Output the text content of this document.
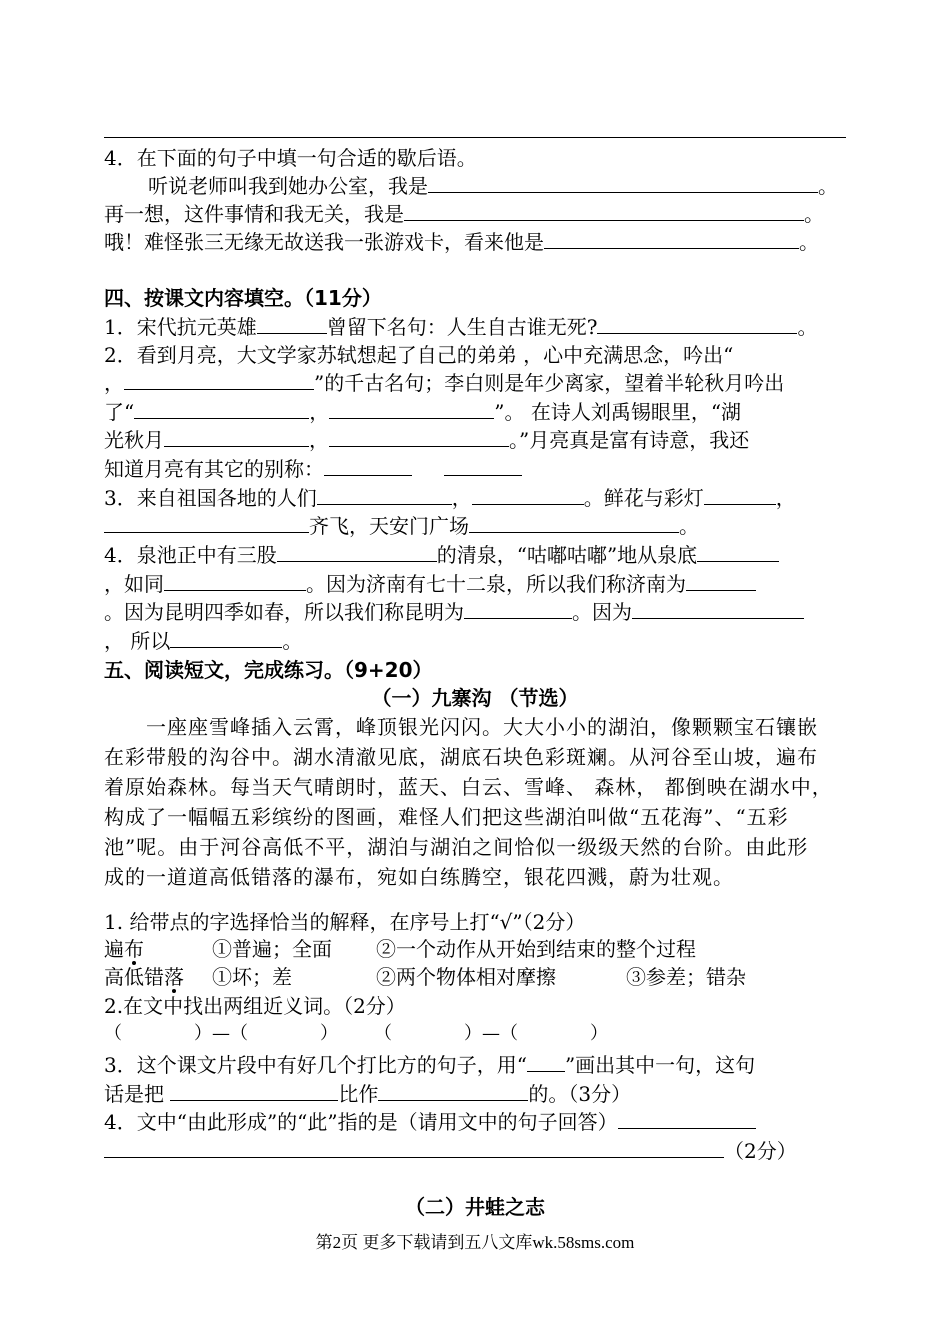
4．在下面的句子中填一句合适的歇后语。
听说老师叫我到她办公室，我是	。
再一想，这件事情和我无关，我是	。
哦！难怪张三无缘无故送我一张游戏卡，看来他是	。
四、按课文内容填空。（11分）
1．宋代抗元英雄	曾留下名句：人生自古谁无死?	。
2．看到月亮，大文学家苏轼想起了自己的弟弟 ，心中充满思念，吟出“
，	”的千古名句；李白则是年少离家，望着半轮秋月吟出
了“	，	”。 在诗人刘禹锡眼里，“湖
光秋月	，	。”月亮真是富有诗意，我还
知道月亮有其它的别称：
3．来自祖国各地的人们	，	。鲜花与彩灯	，
齐飞，天安门广场	。
4．泉池正中有三股	的清泉，“咕嘟咕嘟”地从泉底
，如同	。因为济南有七十二泉，所以我们称济南为
。因为昆明四季如春，所以我们称昆明为	。因为
， 所以	。
五、阅读短文，完成练习。（9+20）
（一）九寨沟 （节选）
　　一座座雪峰插入云霄，峰顶银光闪闪。大大小小的湖泊，像颗颗宝石镶嵌
在彩带般的沟谷中。湖水清澈见底，湖底石块色彩斑斓。从河谷至山坡，遍布
着原始森林。每当天气晴朗时，蓝天、白云、雪峰、 森林， 都倒映在湖水中，
构成了一幅幅五彩缤纷的图画，难怪人们把这些湖泊叫做“五花海”、“五彩
池”呢。由于河谷高低不平，湖泊与湖泊之间恰似一级级天然的台阶。由此形
成的一道道高低错落的瀑布，宛如白练腾空，银花四溅，蔚为壮观。
1. 给带点的字选择恰当的解释，在序号上打“√”（2分）
遍布	①普遍；全面 ②一个动作从开始到结束的整个过程
高低错落 ①坏；差	②两个物体相对摩擦	③参差；错杂
2.在文中找出两组近义词。（2分）
（　　　　）—（　　　　）　　　（　　　　）—（　　　　）
3．这个课文片段中有好几个打比方的句子，用“ ”画出其中一句，这句
话是把	比作	的。（3分）
4．文中“由此形成”的“此”指的是（请用文中的句子回答）
（2分）
（二）井蛙之志
第2页 更多下载请到五八文库wk.58sms.com
